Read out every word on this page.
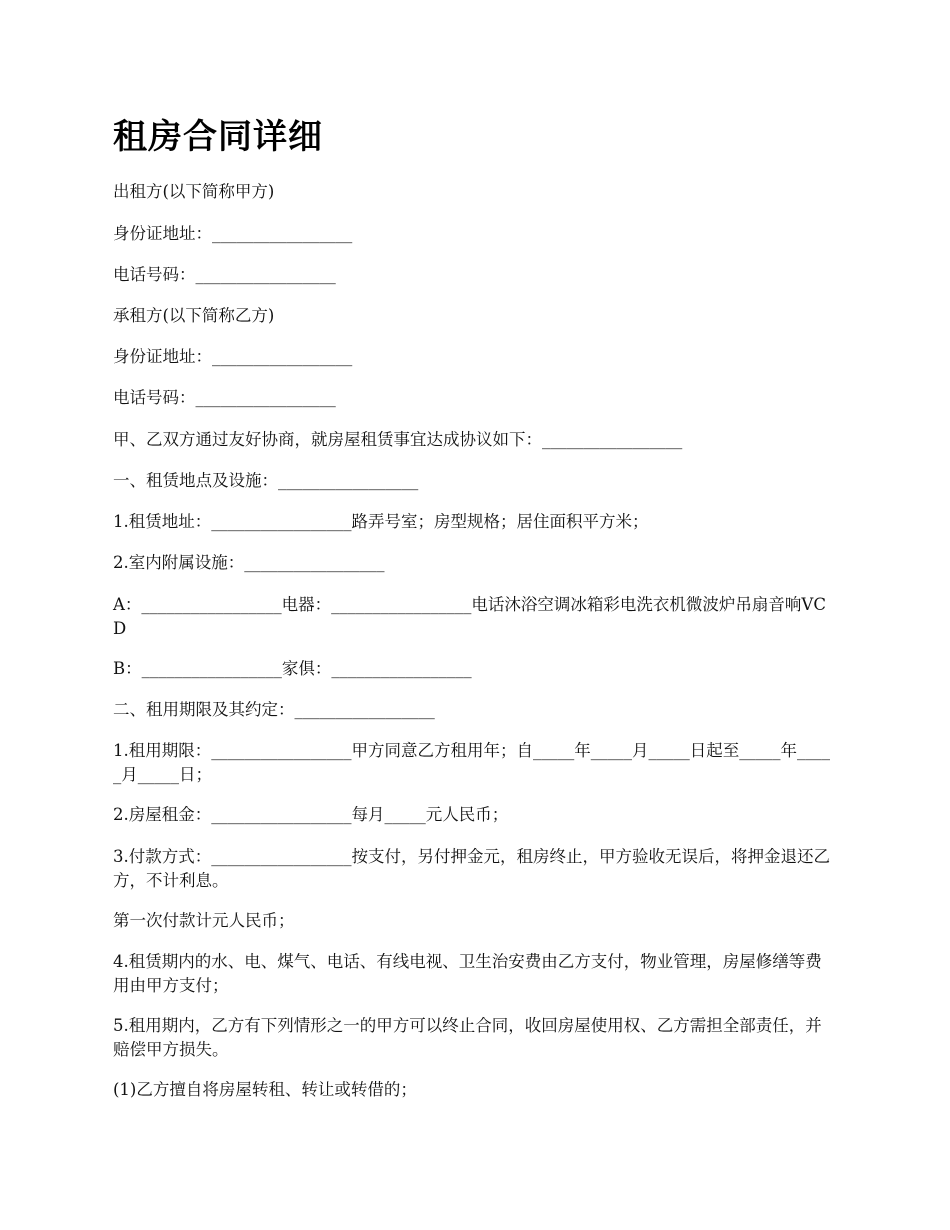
租房合同详细

出租方(以下简称甲方)

身份证地址：_________________

电话号码：_________________

承租方(以下简称乙方)

身份证地址：_________________

电话号码：_________________

甲、乙双方通过友好协商，就房屋租赁事宜达成协议如下：_________________

一、租赁地点及设施：_________________

1.租赁地址：_________________路弄号室；房型规格；居住面积平方米；

2.室内附属设施：_________________

A：_________________电器：_________________电话沐浴空调冰箱彩电洗衣机微波炉吊扇音响VCD

B：_________________家俱：_________________

二、租用期限及其约定：_________________

1.租用期限：_________________甲方同意乙方租用年；自_____年_____月_____日起至_____年_____月_____日；

2.房屋租金：_________________每月_____元人民币；

3.付款方式：_________________按支付，另付押金元，租房终止，甲方验收无误后，将押金退还乙方，不计利息。

第一次付款计元人民币；

4.租赁期内的水、电、煤气、电话、有线电视、卫生治安费由乙方支付，物业管理，房屋修缮等费用由甲方支付；

5.租用期内，乙方有下列情形之一的甲方可以终止合同，收回房屋使用权、乙方需担全部责任，并赔偿甲方损失。

(1)乙方擅自将房屋转租、转让或转借的；
